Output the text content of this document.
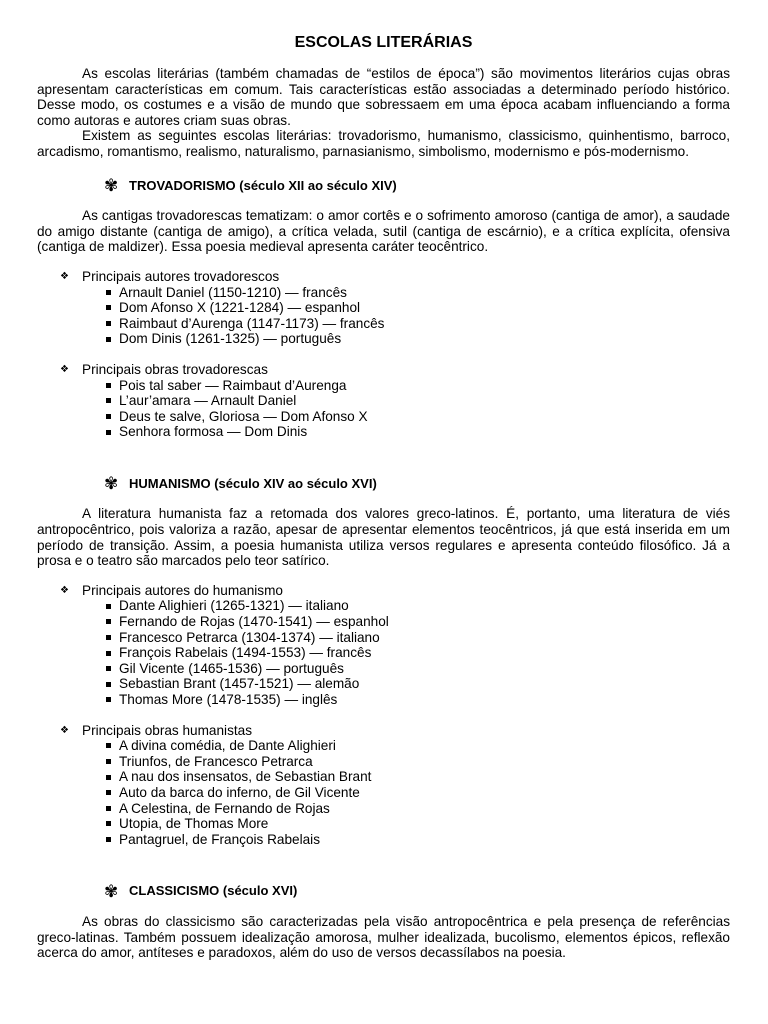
ESCOLAS LITERÁRIAS

As escolas literárias (também chamadas de “estilos de época”) são movimentos literários cujas obras apresentam características em comum. Tais características estão associadas a determinado período histórico. Desse modo, os costumes e a visão de mundo que sobressaem em uma época acabam influenciando a forma como autoras e autores criam suas obras.

Existem as seguintes escolas literárias: trovadorismo, humanismo, classicismo, quinhentismo, barroco, arcadismo, romantismo, realismo, naturalismo, parnasianismo, simbolismo, modernismo e pós-modernismo.

✾ TROVADORISMO (século XII ao século XIV)

As cantigas trovadorescas tematizam: o amor cortês e o sofrimento amoroso (cantiga de amor), a saudade do amigo distante (cantiga de amigo), a crítica velada, sutil (cantiga de escárnio), e a crítica explícita, ofensiva (cantiga de maldizer). Essa poesia medieval apresenta caráter teocêntrico.

❖ Principais autores trovadorescos
Arnault Daniel (1150-1210) — francês
Dom Afonso X (1221-1284) — espanhol
Raimbaut d’Aurenga (1147-1173) — francês
Dom Dinis (1261-1325) — português
❖ Principais obras trovadorescas
Pois tal saber — Raimbaut d’Aurenga
L’aur’amara — Arnault Daniel
Deus te salve, Gloriosa — Dom Afonso X
Senhora formosa — Dom Dinis
✾ HUMANISMO (século XIV ao século XVI)

A literatura humanista faz a retomada dos valores greco-latinos. É, portanto, uma literatura de viés antropocêntrico, pois valoriza a razão, apesar de apresentar elementos teocêntricos, já que está inserida em um período de transição. Assim, a poesia humanista utiliza versos regulares e apresenta conteúdo filosófico. Já a prosa e o teatro são marcados pelo teor satírico.

❖ Principais autores do humanismo
Dante Alighieri (1265-1321) — italiano
Fernando de Rojas (1470-1541) — espanhol
Francesco Petrarca (1304-1374) — italiano
François Rabelais (1494-1553) — francês
Gil Vicente (1465-1536) — português
Sebastian Brant (1457-1521) — alemão
Thomas More (1478-1535) — inglês
❖ Principais obras humanistas
A divina comédia, de Dante Alighieri
Triunfos, de Francesco Petrarca
A nau dos insensatos, de Sebastian Brant
Auto da barca do inferno, de Gil Vicente
A Celestina, de Fernando de Rojas
Utopia, de Thomas More
Pantagruel, de François Rabelais
✾ CLASSICISMO (século XVI)

As obras do classicismo são caracterizadas pela visão antropocêntrica e pela presença de referências greco-latinas. Também possuem idealização amorosa, mulher idealizada, bucolismo, elementos épicos, reflexão acerca do amor, antíteses e paradoxos, além do uso de versos decassílabos na poesia.
